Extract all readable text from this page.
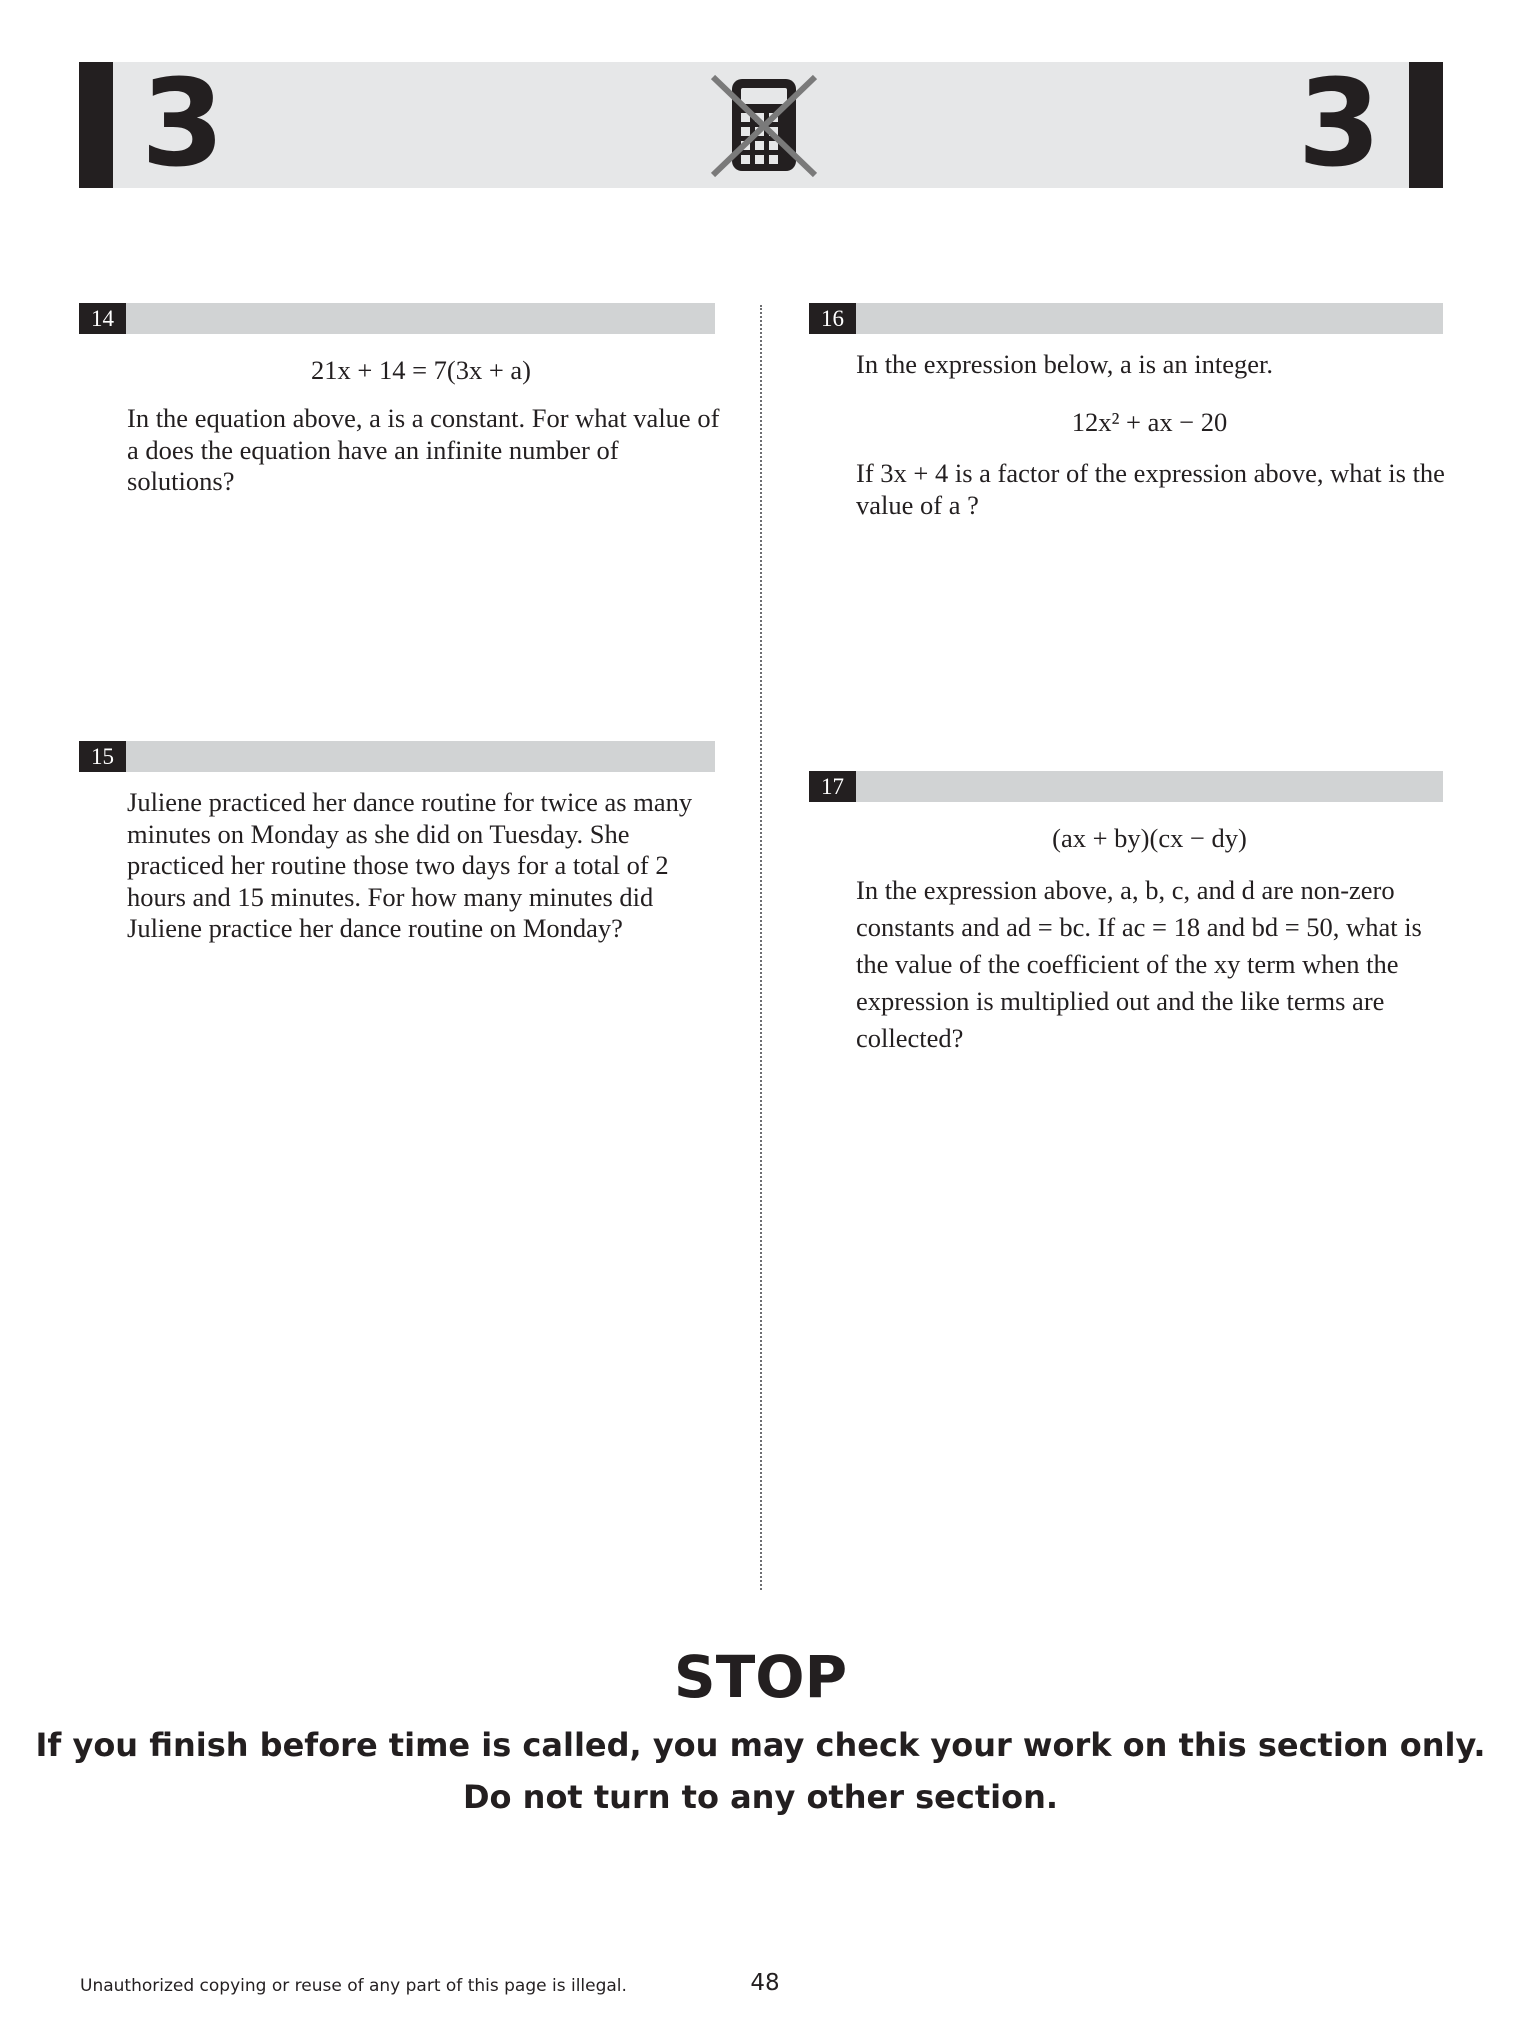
3	3
14
21x + 14 = 7(3x + a)
In the equation above, a is a constant. For what value of a does the equation have an infinite number of solutions?
15
Juliene practiced her dance routine for twice as many minutes on Monday as she did on Tuesday. She practiced her routine those two days for a total of 2 hours and 15 minutes. For how many minutes did Juliene practice her dance routine on Monday?
16
In the expression below, a is an integer.
12x² + ax − 20
If 3x + 4 is a factor of the expression above, what is the value of a ?
17
(ax + by)(cx − dy)
In the expression above, a, b, c, and d are non-zero constants and ad = bc. If ac = 18 and bd = 50, what is the value of the coefficient of the xy term when the expression is multiplied out and the like terms are collected?
STOP
If you finish before time is called, you may check your work on this section only.
Do not turn to any other section.
Unauthorized copying or reuse of any part of this page is illegal.	48
